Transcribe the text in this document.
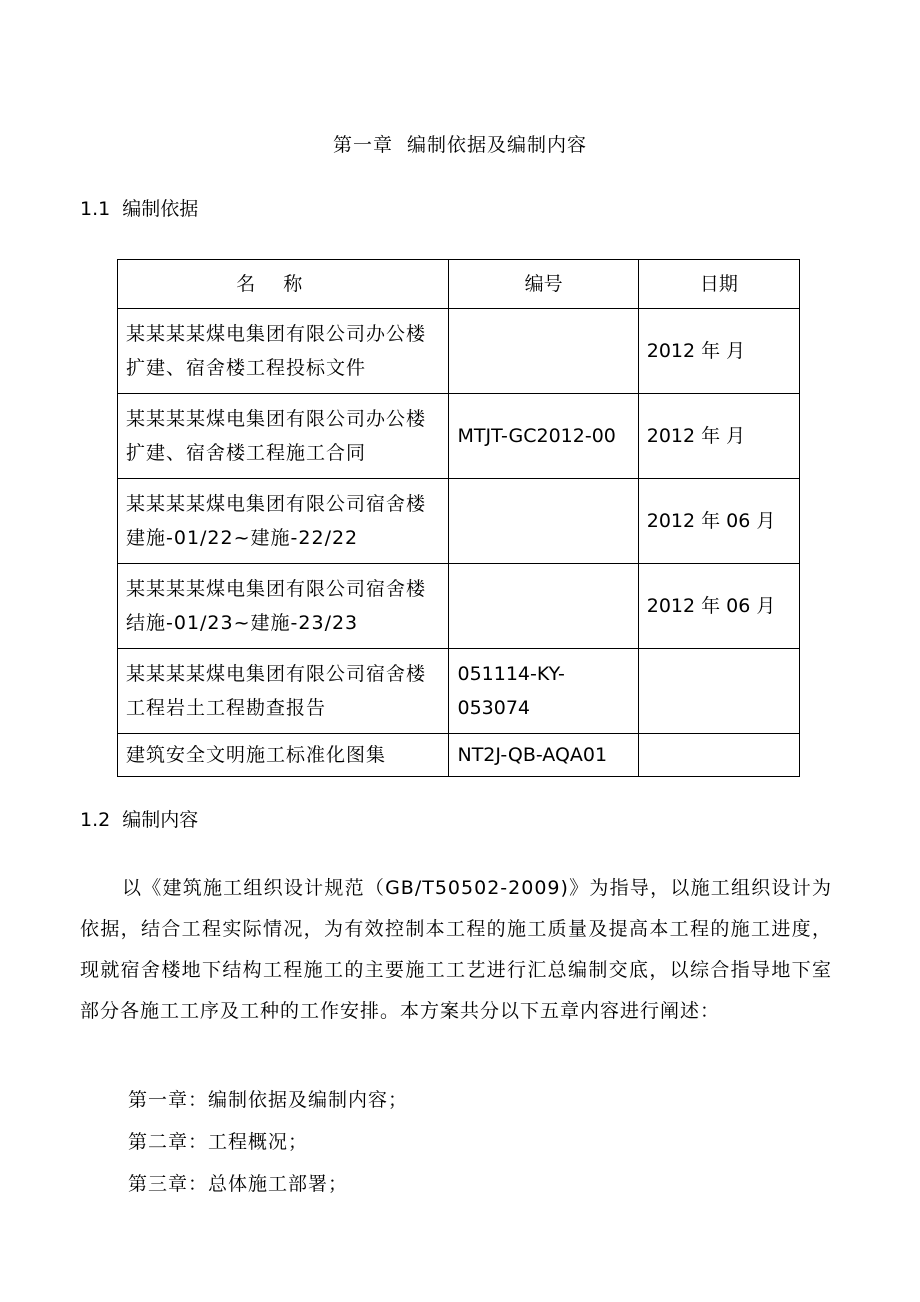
第一章  编制依据及编制内容
1.1  编制依据
名称	编号	日期
某某某某煤电集团有限公司办公楼扩建、宿舍楼工程投标文件		2012 年 月
某某某某煤电集团有限公司办公楼扩建、宿舍楼工程施工合同	MTJT-GC2012-00	2012 年 月
某某某某煤电集团有限公司宿舍楼建施-01/22~建施-22/22		2012 年 06 月
某某某某煤电集团有限公司宿舍楼结施-01/23~建施-23/23		2012 年 06 月
某某某某煤电集团有限公司宿舍楼工程岩土工程勘查报告	051114-KY-053074	
建筑安全文明施工标准化图集	NT2J-QB-AQA01	
1.2  编制内容
以《建筑施工组织设计规范（GB/T50502-2009)》为指导，以施工组织设计为依据，结合工程实际情况，为有效控制本工程的施工质量及提高本工程的施工进度，现就宿舍楼地下结构工程施工的主要施工工艺进行汇总编制交底，以综合指导地下室部分各施工工序及工种的工作安排。本方案共分以下五章内容进行阐述：
第一章：编制依据及编制内容；
第二章：工程概况；
第三章：总体施工部署；
